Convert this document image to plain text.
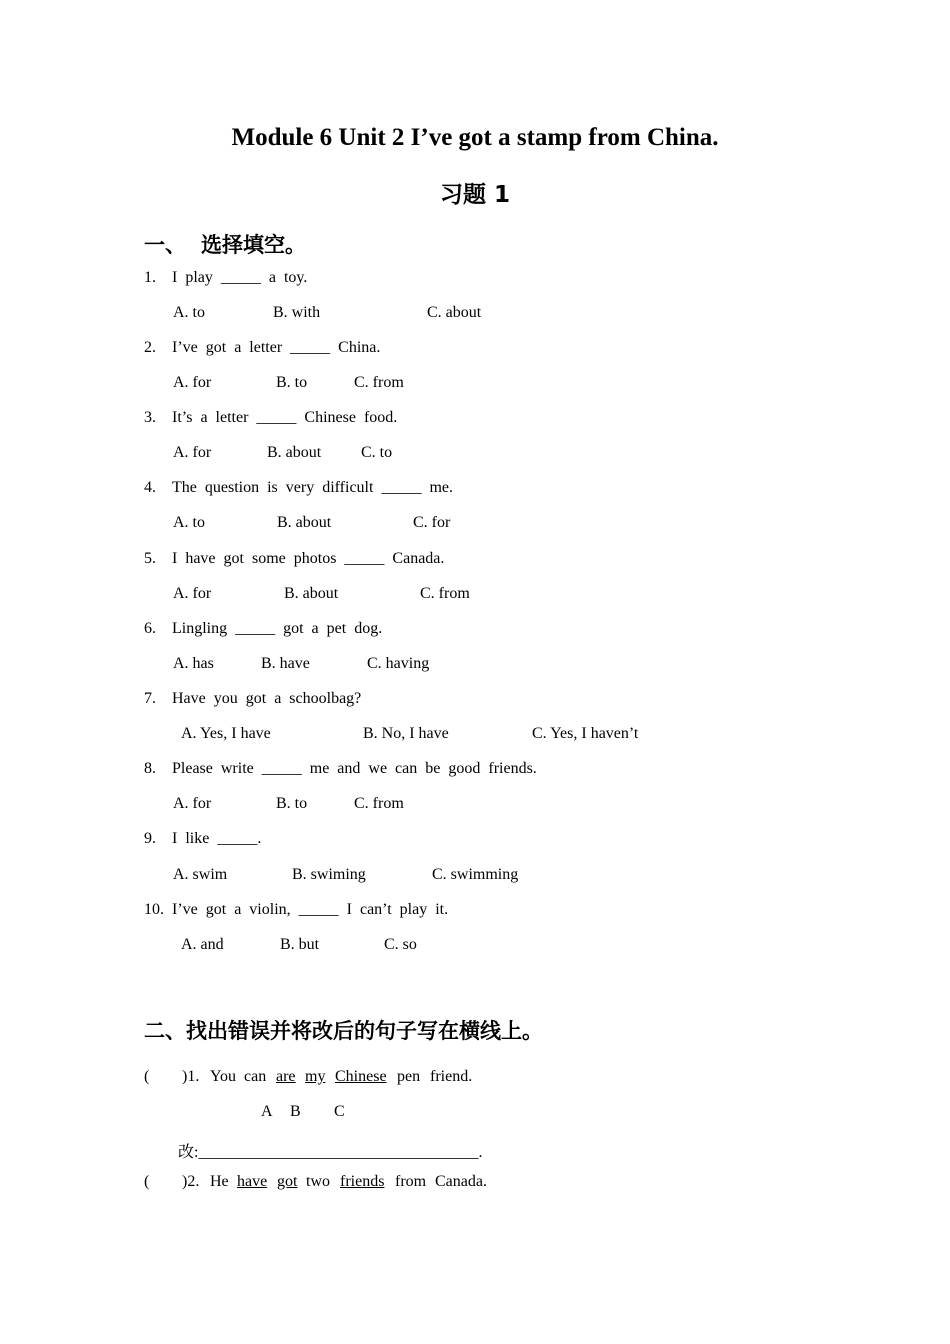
Module 6 Unit 2 I’ve got a stamp from China.
习题 1
一、 选择填空。
1. I play _____ a toy.
A. to	B. with	C. about
2. I’ve got a letter _____ China.
A. for	B. to	C. from
3. It’s a letter _____ Chinese food.
A. for	B. about C. to
4. The question is very difficult _____ me.
A. to	B. about	C. for
5. I have got some photos _____ Canada.
A. for	B. about	C. from
6. Lingling _____ got a pet dog.
A. has	B. have	C. having
7. Have you got a schoolbag?
A. Yes, I have	B. No, I have	C. Yes, I haven’t
8. Please write _____ me and we can be good friends.
A. for	B. to	C. from
9. I like _____.
A. swim	B. swiming	C. swimming
10. I’ve got a violin, _____ I can’t play it.
A. and	B. but	C. so
二、找出错误并将改后的句子写在横线上。
( )1. You can are my Chinese pen friend.
A B C
改:___________________________________.
( )2. He have got two friends from Canada.
